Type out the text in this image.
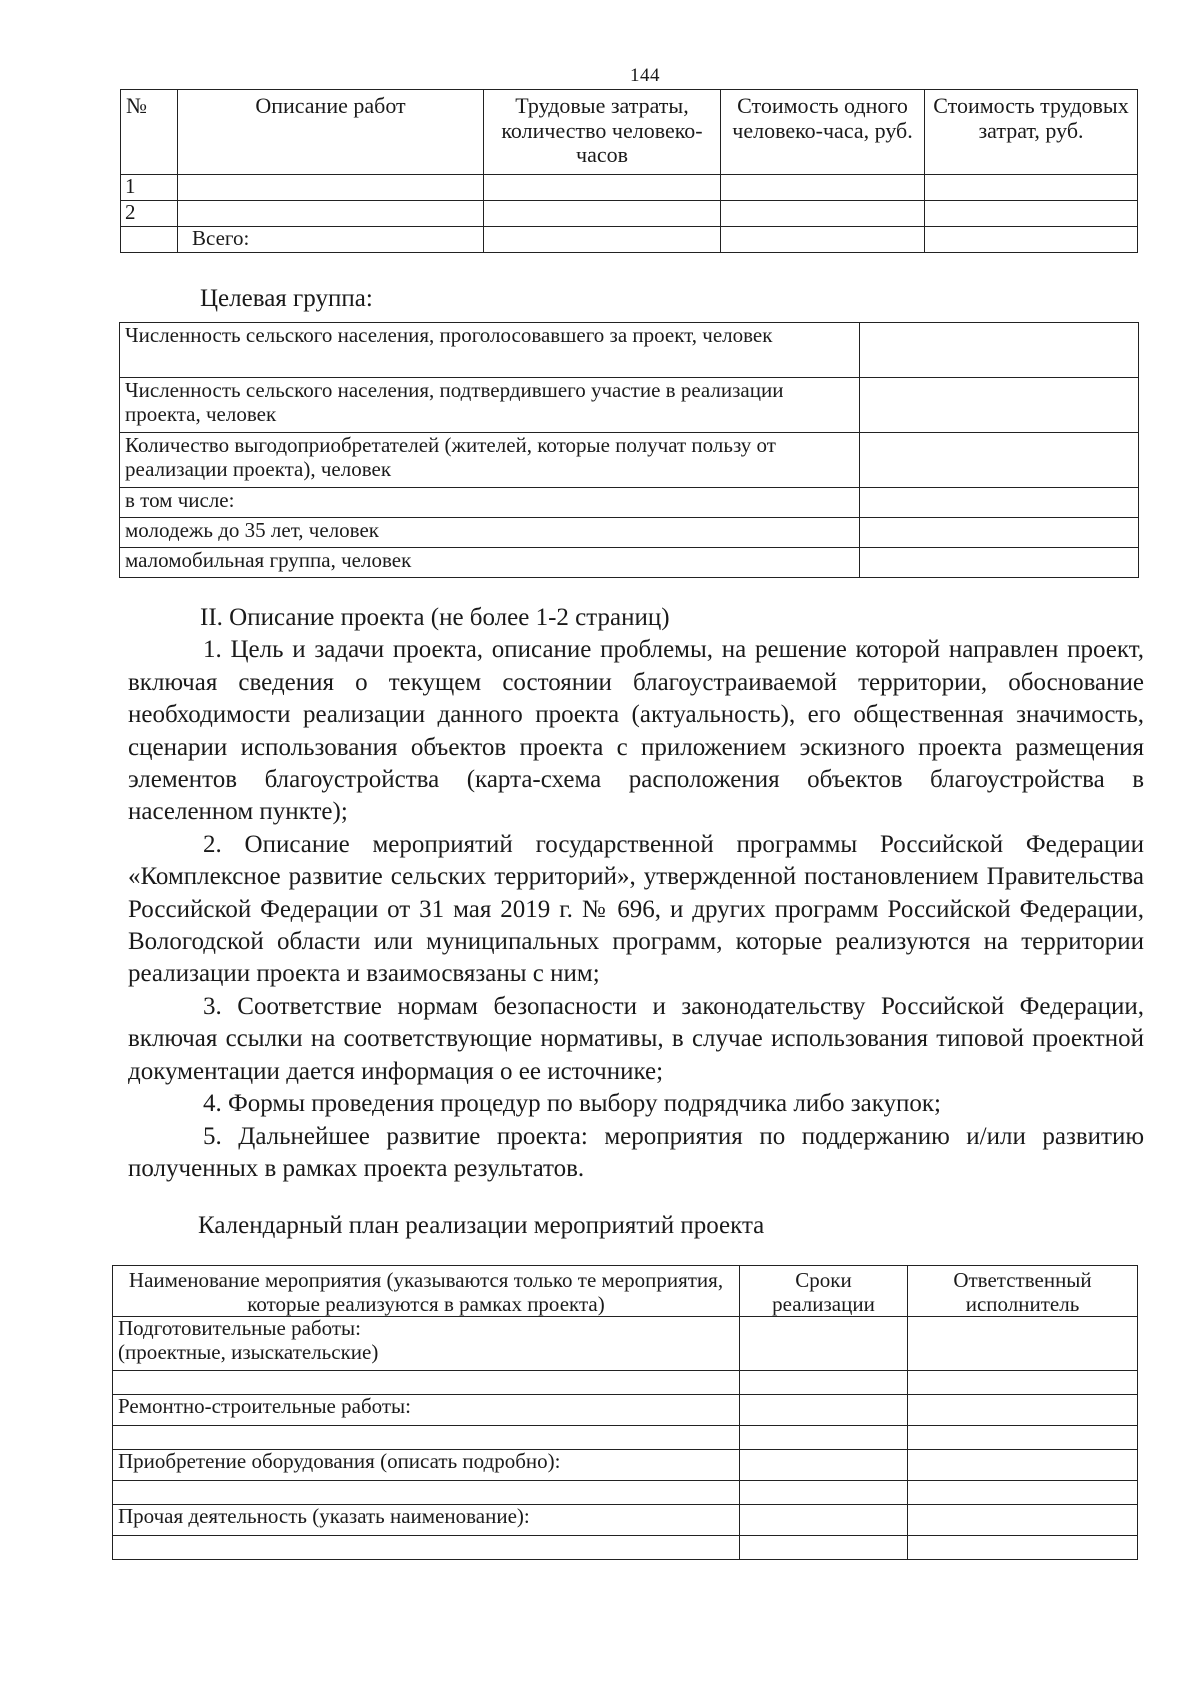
144
№	Описание работ	Трудовые затраты, количество человеко-часов	Стоимость одного человеко-часа, руб.	Стоимость трудовых затрат, руб.
1				
2				
	Всего:			
Целевая группа:
Численность сельского населения, проголосовавшего за проект, человек	
Численность сельского населения, подтвердившего участие в реализации проекта, человек	
Количество выгодоприобретателей (жителей, которые получат пользу от реализации проекта), человек	
в том числе:	
молодежь до 35 лет, человек	
маломобильная группа, человек	

II. Описание проекта (не более 1-2 страниц)

1. Цель и задачи проекта, описание проблемы, на решение которой направлен проект, включая сведения о текущем состоянии благоустраиваемой территории, обоснование необходимости реализации данного проекта (актуальность), его общественная значимость, сценарии использования объектов проекта с приложением эскизного проекта размещения элементов благоустройства (карта-схема расположения объектов благоустройства в населенном пункте);

2. Описание мероприятий государственной программы Российской Федерации «Комплексное развитие сельских территорий», утвержденной постановлением Правительства Российской Федерации от 31 мая 2019 г. № 696, и других программ Российской Федерации, Вологодской области или муниципальных программ, которые реализуются на территории реализации проекта и взаимосвязаны с ним;

3. Соответствие нормам безопасности и законодательству Российской Федерации, включая ссылки на соответствующие нормативы, в случае использования типовой проектной документации дается информация о ее источнике;

4. Формы проведения процедур по выбору подрядчика либо закупок;

5. Дальнейшее развитие проекта: мероприятия по поддержанию и/или развитию полученных в рамках проекта результатов.

Календарный план реализации мероприятий проекта
Наименование мероприятия (указываются только те мероприятия, которые реализуются в рамках проекта)	Сроки реализации	Ответственный исполнитель
Подготовительные работы:
(проектные, изыскательские)		

Ремонтно-строительные работы:		

Приобретение оборудования (описать подробно):		

Прочая деятельность (указать наименование):		
